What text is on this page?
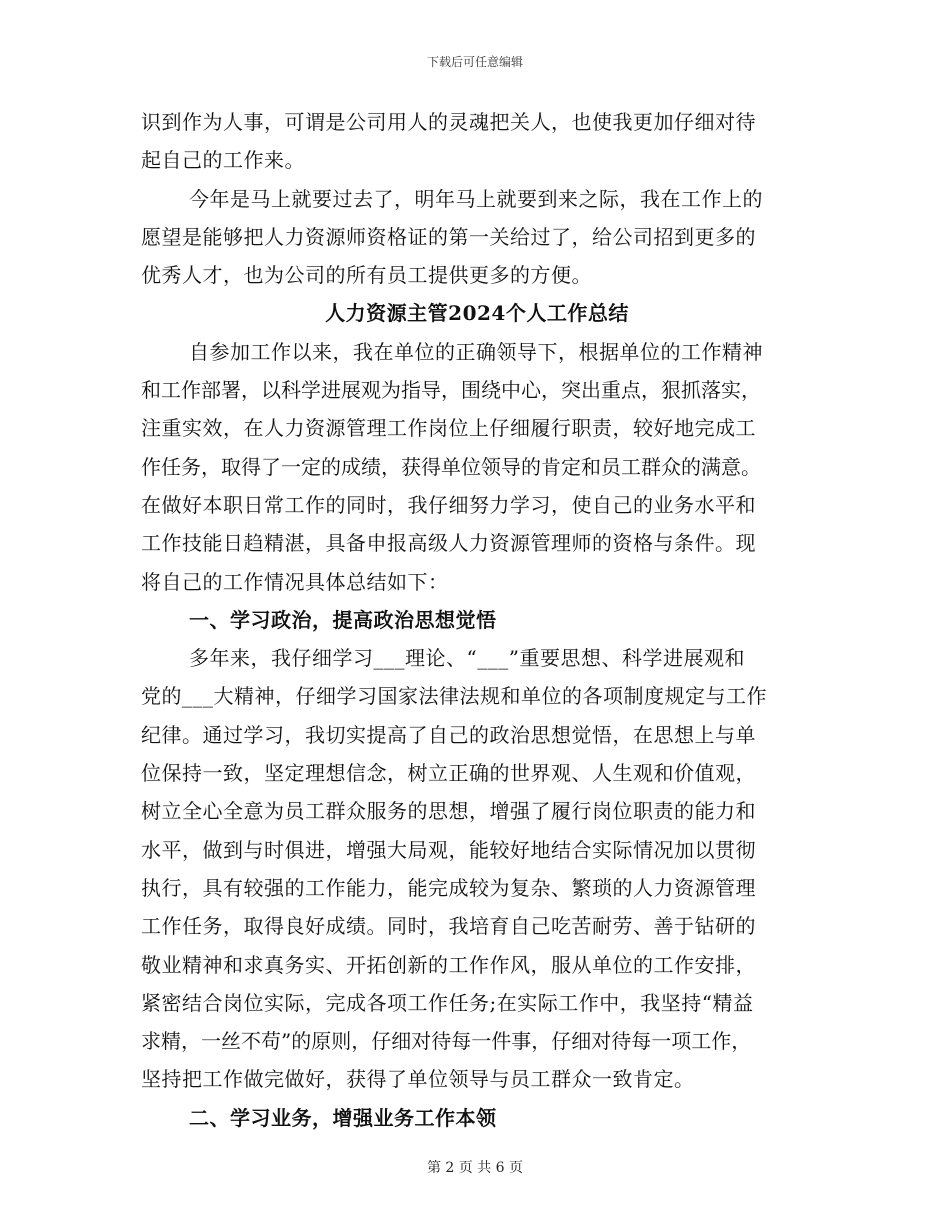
下载后可任意编辑
识到作为人事，可谓是公司用人的灵魂把关人，也使我更加仔细对待
起自己的工作来。
今年是马上就要过去了，明年马上就要到来之际，我在工作上的
愿望是能够把人力资源师资格证的第一关给过了，给公司招到更多的
优秀人才，也为公司的所有员工提供更多的方便。
人力资源主管2024个人工作总结
自参加工作以来，我在单位的正确领导下，根据单位的工作精神
和工作部署，以科学进展观为指导，围绕中心，突出重点，狠抓落实，
注重实效，在人力资源管理工作岗位上仔细履行职责，较好地完成工
作任务，取得了一定的成绩，获得单位领导的肯定和员工群众的满意。
在做好本职日常工作的同时，我仔细努力学习，使自己的业务水平和
工作技能日趋精湛，具备申报高级人力资源管理师的资格与条件。现
将自己的工作情况具体总结如下：
一、学习政治，提高政治思想觉悟
多年来，我仔细学习___理论、“___”重要思想、科学进展观和
党的___大精神，仔细学习国家法律法规和单位的各项制度规定与工作
纪律。通过学习，我切实提高了自己的政治思想觉悟，在思想上与单
位保持一致，坚定理想信念，树立正确的世界观、人生观和价值观，
树立全心全意为员工群众服务的思想，增强了履行岗位职责的能力和
水平，做到与时俱进，增强大局观，能较好地结合实际情况加以贯彻
执行，具有较强的工作能力，能完成较为复杂、繁琐的人力资源管理
工作任务，取得良好成绩。同时，我培育自己吃苦耐劳、善于钻研的
敬业精神和求真务实、开拓创新的工作作风，服从单位的工作安排，
紧密结合岗位实际，完成各项工作任务;在实际工作中，我坚持“精益
求精，一丝不苟”的原则，仔细对待每一件事，仔细对待每一项工作，
坚持把工作做完做好，获得了单位领导与员工群众一致肯定。
二、学习业务，增强业务工作本领
第 2 页 共 6 页
